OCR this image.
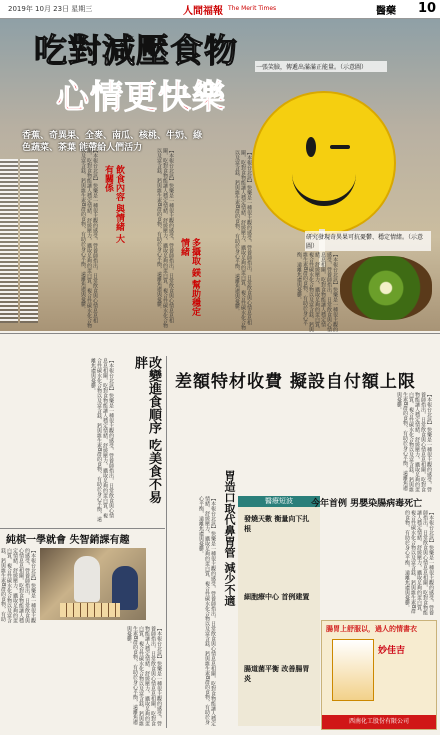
2019年 10月 23日 星期三	人間福報 The Merit Times	醫藥 10
吃對減壓食物
心情更快樂
香蕉、奇異果、全麥、南瓜、核桃、牛奶、綠色蔬菜、茶葉 能帶給人們活力
一張笑臉，傳遞出滿滿正能量。（示意圖）
研究發現奇異果可抗憂鬱、穩定情緒。（示意圖）
飲食內容 與情緒 大有關係
多攝取 鎂 幫助穩定情緒
【本報台北訊】快樂是一種很主觀的感受，營養師指出，日常飲食與心情息息相關，吃對食物能讓人穩定情緒、舒緩壓力，攝取足夠的蛋白質、複合性碳水化合物以及富含鎂、鈣與維生素B群的食物，有助於身心平衡，遠離焦慮與憂鬱。	【本報台北訊】快樂是一種很主觀的感受，營養師指出，日常飲食與心情息息相關，吃對食物能讓人穩定情緒、舒緩壓力，攝取足夠的蛋白質、複合性碳水化合物以及富含鎂、鈣與維生素B群的食物，有助於身心平衡，遠離焦慮與憂鬱。	【本報台北訊】快樂是一種很主觀的感受，營養師指出，日常飲食與心情息息相關，吃對食物能讓人穩定情緒、舒緩壓力，攝取足夠的蛋白質、複合性碳水化合物以及富含鎂、鈣與維生素B群的食物，有助於身心平衡，遠離焦慮與憂鬱。	【本報台北訊】快樂是一種很主觀的感受，營養師指出，日常飲食與心情息息相關，吃對食物能讓人穩定情緒、舒緩壓力，攝取足夠的蛋白質、複合性碳水化合物以及富含鎂、鈣與維生素B群的食物，有助於身心平衡，遠離焦慮與憂鬱。
差額特材收費 擬設自付額上限
改變進食順序 吃美食不易胖
【本報台北訊】快樂是一種很主觀的感受，營養師指出，日常飲食與心情息息相關，吃對食物能讓人穩定情緒、舒緩壓力，攝取足夠的蛋白質、複合性碳水化合物以及富含鎂、鈣與維生素B群的食物，有助於身心平衡，遠離焦慮與憂鬱。
純棋一學就會 失智銷課有趣
【本報台北訊】快樂是一種很主觀的感受，營養師指出，日常飲食與心情息息相關，吃對食物能讓人穩定情緒、舒緩壓力，攝取足夠的蛋白質、複合性碳水化合物以及富含鎂、鈣與維生素B群的食物，有助
【本報台北訊】快樂是一種很主觀的感受，營養師指出，日常飲食與心情息息相關，吃對食物能讓人穩定情緒、舒緩壓力，攝取足夠的蛋白質、複合性碳水化合物以及富含鎂、鈣與維生素B群的食物，有助於身心平衡，遠離焦慮與憂鬱。
【本報台北訊】快樂是一種很主觀的感受，營養師指出，日常飲食與心情息息相關，吃對食物能讓人穩定情緒、舒緩壓力，攝取足夠的蛋白質、複合性碳水化合物以及富含鎂、鈣與維生素B群的食物，有助於身心平衡，遠離焦慮與憂鬱。
【本報台北訊】快樂是一種很主觀的感受，營養師指出，日常飲食與心情息息相關，吃對食物能讓人穩定情緒、舒緩壓力，攝取足夠的蛋白質、複合性碳水化合物以及富含鎂、鈣與維生素B群的食物，有助於身心平衡，遠離焦慮與憂鬱。	胃造口取代鼻胃管 減少不適	醫療短波
發燒天數 衡量向下扎根
細胞療中心 首例建置
腸道菌平衡 改善腸胃炎
今年首例 男嬰染腸病毒死亡
【本報台北訊】快樂是一種很主觀的感受，營養師指出，日常飲食與心情息息相關，吃對食物能讓人穩定情緒、舒緩壓力，攝取足夠的蛋白質、複合性碳水化合物以及富含鎂、鈣與維生素B群的食物，有助於身心平衡，遠離焦慮與憂鬱。
腸胃上舒服以，過人的情書衣
妙佳吉
西南化工股份有限公司
